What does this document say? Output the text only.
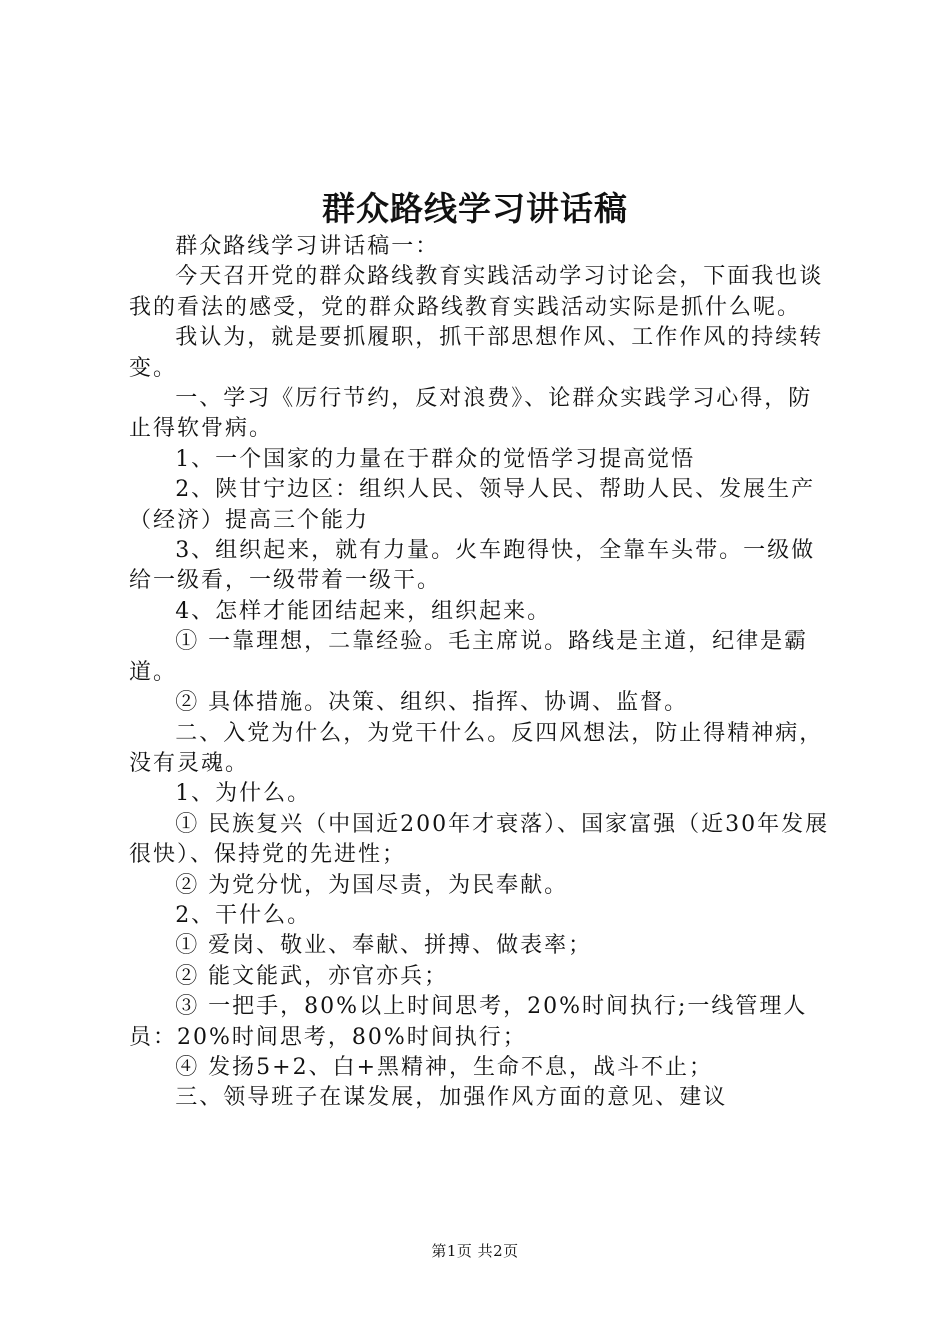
群众路线学习讲话稿

群众路线学习讲话稿一：

今天召开党的群众路线教育实践活动学习讨论会，下面我也谈我的看法的感受，党的群众路线教育实践活动实际是抓什么呢。

我认为，就是要抓履职，抓干部思想作风、工作作风的持续转变。

一、学习《厉行节约，反对浪费》、论群众实践学习心得，防止得软骨病。

1、一个国家的力量在于群众的觉悟学习提高觉悟

2、陕甘宁边区：组织人民、领导人民、帮助人民、发展生产（经济）提高三个能力

3、组织起来，就有力量。火车跑得快，全靠车头带。一级做给一级看，一级带着一级干。

4、怎样才能团结起来，组织起来。

① 一靠理想，二靠经验。毛主席说。路线是主道，纪律是霸道。

② 具体措施。决策、组织、指挥、协调、监督。

二、入党为什么，为党干什么。反四风想法，防止得精神病，没有灵魂。

1、为什么。

① 民族复兴（中国近200年才衰落）、国家富强（近30年发展很快）、保持党的先进性；

② 为党分忧，为国尽责，为民奉献。

2、干什么。

① 爱岗、敬业、奉献、拼搏、做表率；

② 能文能武，亦官亦兵；

③ 一把手，80%以上时间思考，20%时间执行;一线管理人员：20%时间思考，80%时间执行；

④ 发扬5+2、白+黑精神，生命不息，战斗不止；

三、领导班子在谋发展，加强作风方面的意见、建议

第1页 共2页
